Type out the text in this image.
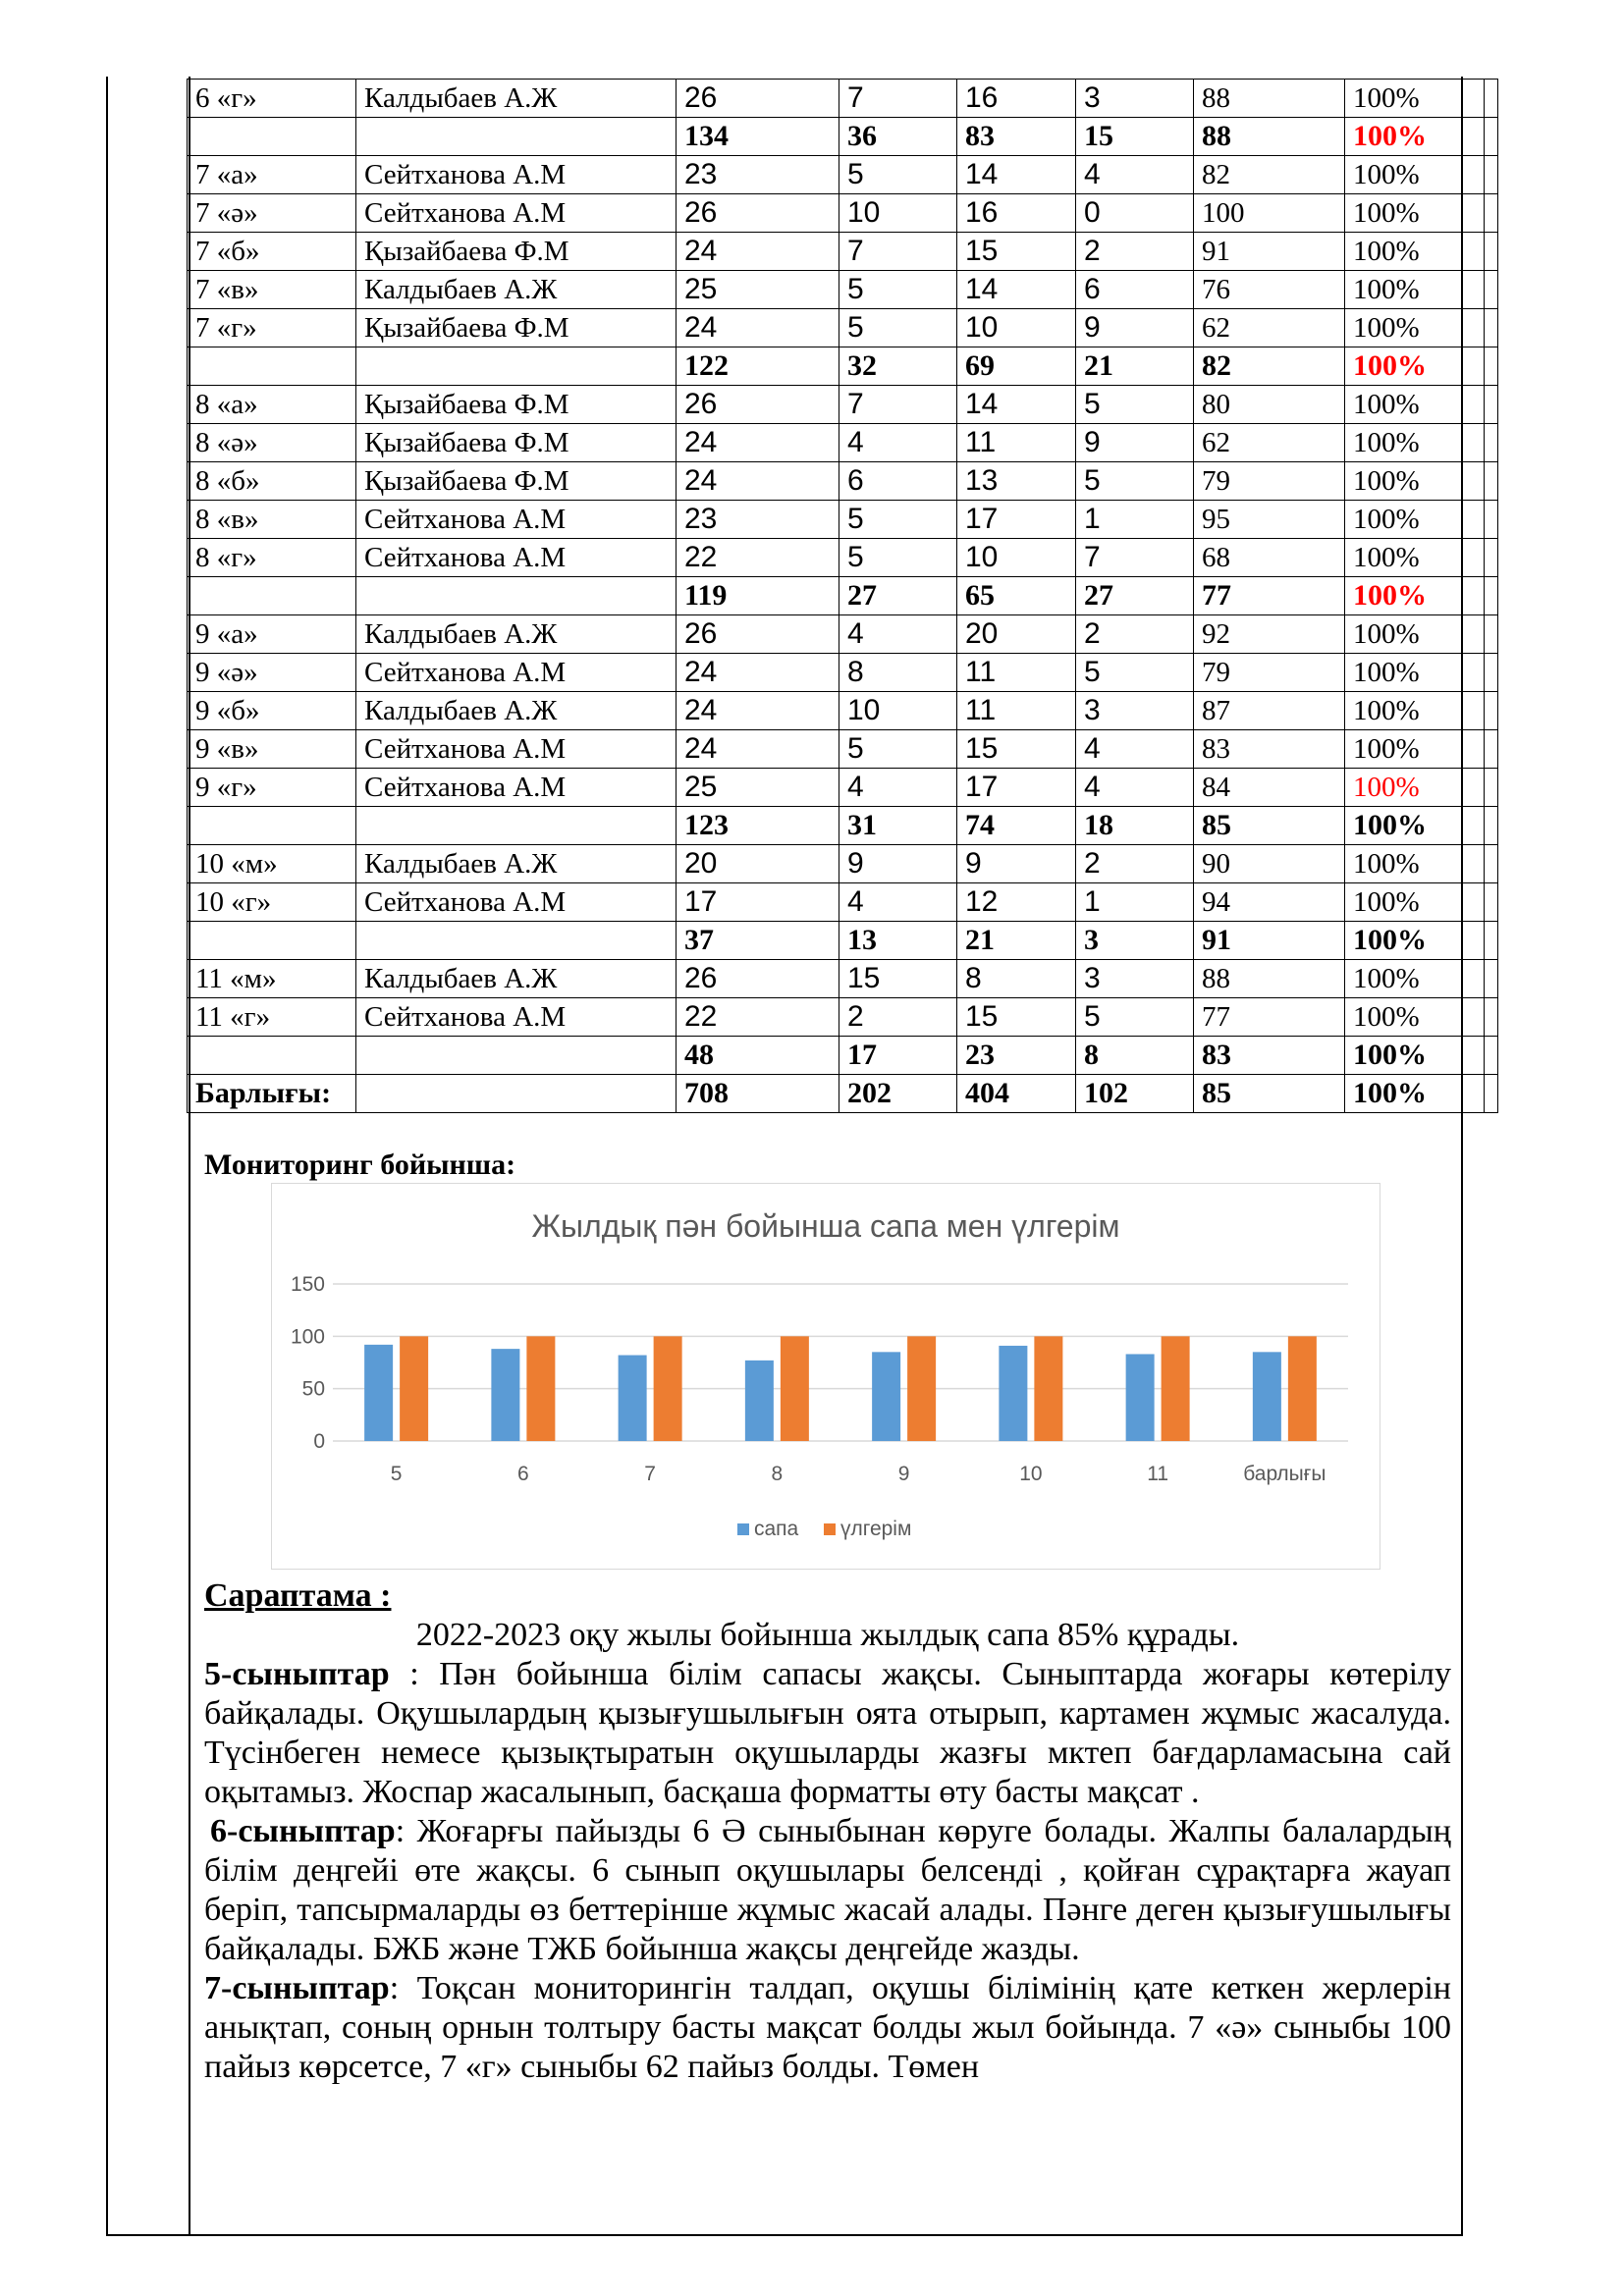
6 «г»	Калдыбаев А.Ж	26	7	16	3	88	100%	
		134	36	83	15	88	100%	
7 «а»	Сейтханова А.М	23	5	14	4	82	100%	
7 «ә»	Сейтханова А.М	26	10	16	0	100	100%	
7 «б»	Қызайбаева Ф.М	24	7	15	2	91	100%	
7 «в»	Калдыбаев А.Ж	25	5	14	6	76	100%	
7 «г»	Қызайбаева Ф.М	24	5	10	9	62	100%	
		122	32	69	21	82	100%	
8 «а»	Қызайбаева Ф.М	26	7	14	5	80	100%	
8 «ә»	Қызайбаева Ф.М	24	4	11	9	62	100%	
8 «б»	Қызайбаева Ф.М	24	6	13	5	79	100%	
8 «в»	Сейтханова А.М	23	5	17	1	95	100%	
8 «г»	Сейтханова А.М	22	5	10	7	68	100%	
		119	27	65	27	77	100%	
9 «а»	Калдыбаев А.Ж	26	4	20	2	92	100%	
9 «ә»	Сейтханова А.М	24	8	11	5	79	100%	
9 «б»	Калдыбаев А.Ж	24	10	11	3	87	100%	
9 «в»	Сейтханова А.М	24	5	15	4	83	100%	
9 «г»	Сейтханова А.М	25	4	17	4	84	100%	
		123	31	74	18	85	100%	
10 «м»	Калдыбаев А.Ж	20	9	9	2	90	100%	
10 «г»	Сейтханова А.М	17	4	12	1	94	100%	
		37	13	21	3	91	100%	
11 «м»	Калдыбаев А.Ж	26	15	8	3	88	100%	
11 «г»	Сейтханова А.М	22	2	15	5	77	100%	
		48	17	23	8	83	100%	
Барлығы:		708	202	404	102	85	100%	
Мониторинг бойынша:
Жылдық пән бойынша сапа мен үлгерім
0
50
100
150
5	6	7	8	9	10	11	барлығы
сапа үлгерім
Сараптама :
2022-2023 оқу жылы бойынша жылдық сапа 85% құрады.

5-сыныптар : Пән бойынша білім сапасы жақсы. Сыныптарда жоғары көтерілу байқалады. Оқушылардың қызығушылығын оята отырып, картамен жұмыс жасалуда. Түсінбеген немесе қызықтыратын оқушыларды жазғы мктеп бағдарламасына сай оқытамыз. Жоспар жасалынып, басқаша форматты өту басты мақсат .

6-сыныптар: Жоғарғы пайызды 6 Ә сыныбынан көруге болады. Жалпы балалардың білім деңгейі өте жақсы. 6 сынып оқушылары белсенді , қойған сұрақтарға жауап беріп, тапсырмаларды өз беттерінше жұмыс жасай алады. Пәнге деген қызығушылығы байқалады. БЖБ және ТЖБ бойынша жақсы деңгейде жазды.

7-сыныптар: Тоқсан мониторингін талдап, оқушы білімінің қате кеткен жерлерін анықтап, соның орнын толтыру басты мақсат болды жыл бойында. 7 «ә» сыныбы 100 пайыз көрсетсе, 7 «г» сыныбы 62 пайыз болды. Төмен
